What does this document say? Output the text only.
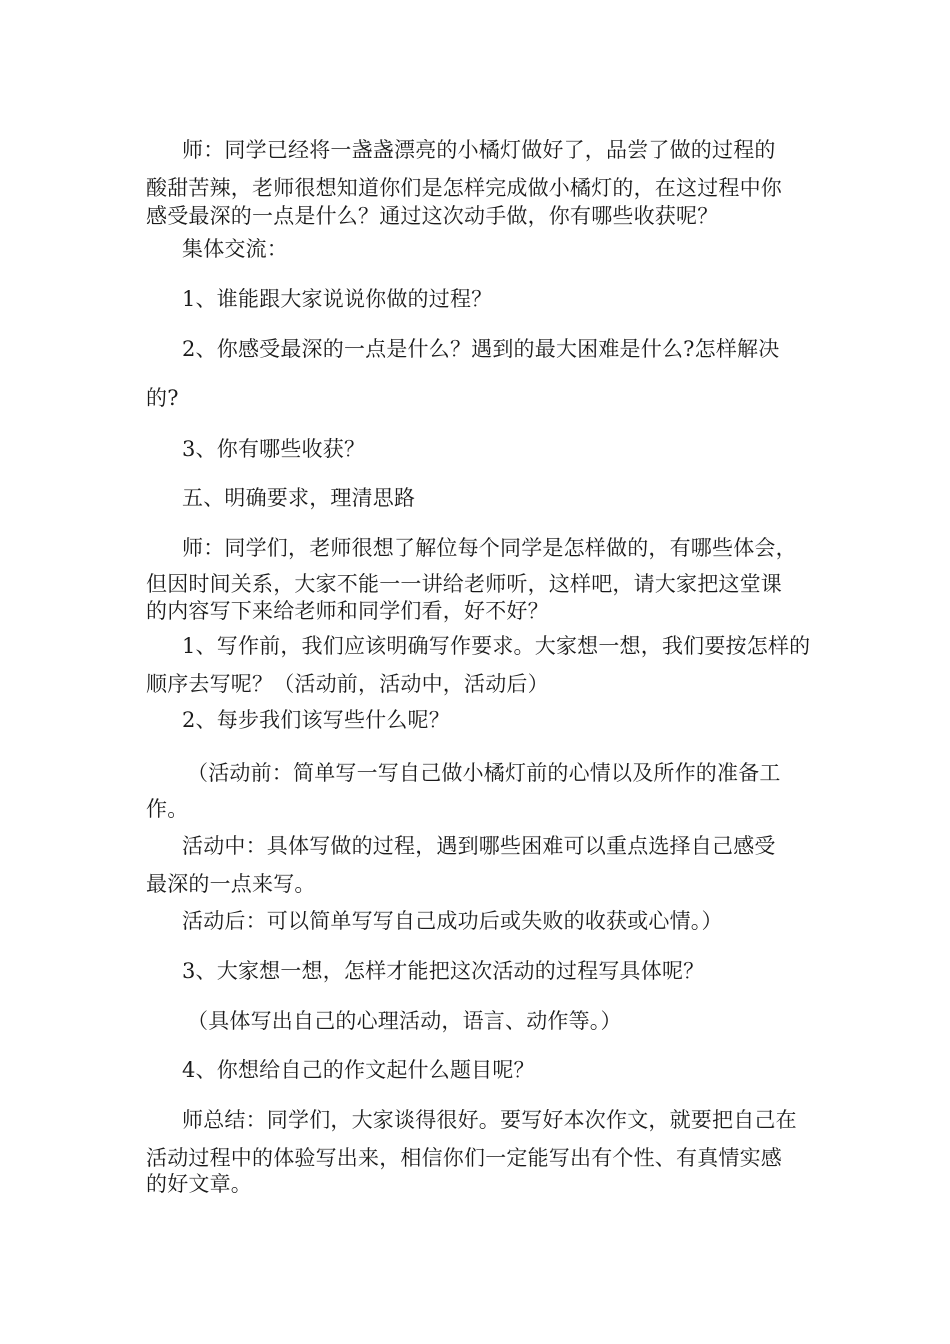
师：同学已经将一盏盏漂亮的小橘灯做好了，品尝了做的过程的
酸甜苦辣，老师很想知道你们是怎样完成做小橘灯的，在这过程中你
感受最深的一点是什么？通过这次动手做，你有哪些收获呢？
集体交流：
1、谁能跟大家说说你做的过程？
2、你感受最深的一点是什么？遇到的最大困难是什么?怎样解决
的?
3、你有哪些收获？
五、明确要求，理清思路
师：同学们，老师很想了解位每个同学是怎样做的，有哪些体会，
但因时间关系，大家不能一一讲给老师听，这样吧，请大家把这堂课
的内容写下来给老师和同学们看，好不好？
1、写作前，我们应该明确写作要求。大家想一想，我们要按怎样的
顺序去写呢？（活动前，活动中，活动后）
2、每步我们该写些什么呢？
（活动前：简单写一写自己做小橘灯前的心情以及所作的准备工
作。
活动中：具体写做的过程，遇到哪些困难可以重点选择自己感受
最深的一点来写。
活动后：可以简单写写自己成功后或失败的收获或心情。）
3、大家想一想，怎样才能把这次活动的过程写具体呢？
（具体写出自己的心理活动，语言、动作等。）
4、你想给自己的作文起什么题目呢？
师总结：同学们，大家谈得很好。要写好本次作文，就要把自己在
活动过程中的体验写出来，相信你们一定能写出有个性、有真情实感
的好文章。
